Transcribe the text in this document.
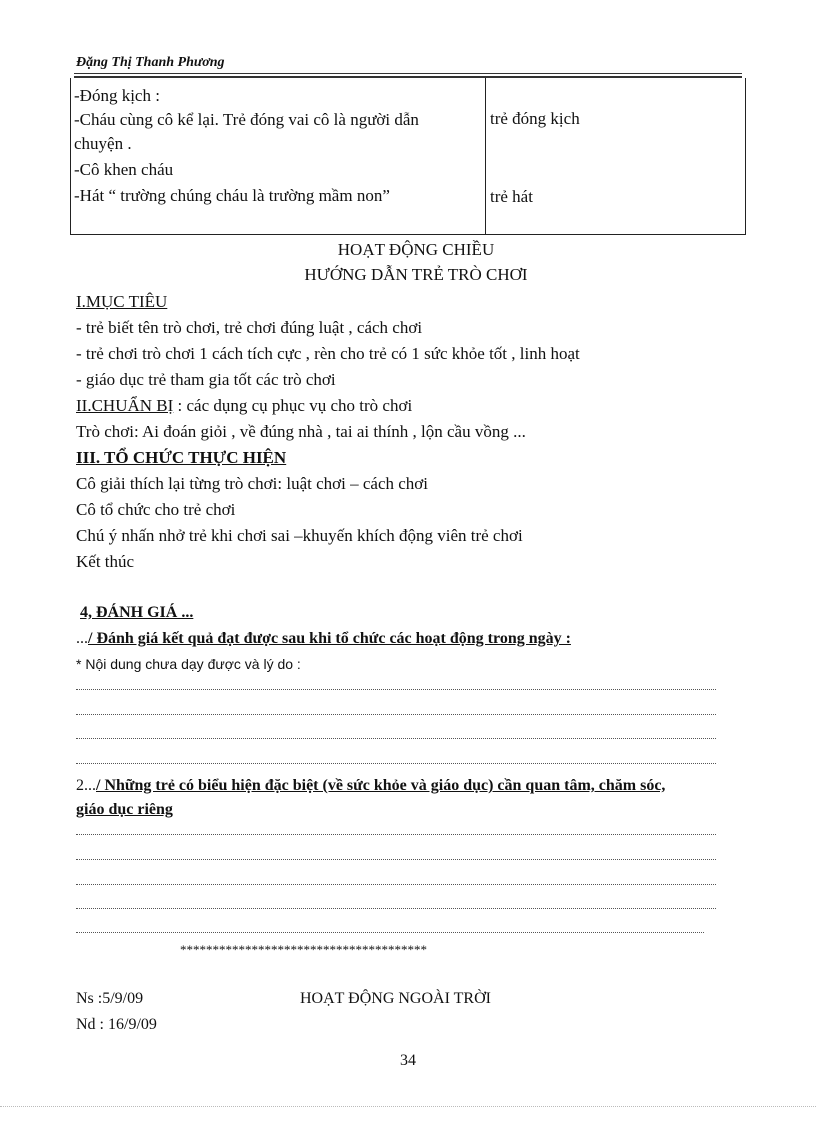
Đặng Thị Thanh Phương
-Đóng kịch :
-Cháu cùng cô kể lại. Trẻ đóng vai cô là người dẫn
chuyện .
-Cô khen cháu
-Hát “ trường chúng cháu là trường mầm non”
trẻ đóng kịch
trẻ hát
HOẠT ĐỘNG CHIỀU
HƯỚNG DẪN TRẺ TRÒ CHƠI
I.MỤC TIÊU
- trẻ biết tên trò chơi, trẻ chơi đúng luật , cách chơi
- trẻ chơi trò chơi 1 cách tích cực , rèn cho trẻ có 1 sức khỏe tốt , linh hoạt
- giáo dục trẻ tham gia tốt các trò chơi
II.CHUẨN BỊ : các dụng cụ phục vụ cho trò chơi
Trò chơi: Ai đoán giỏi , về đúng nhà , tai ai thính , lộn cầu vồng ...
III. TỔ CHỨC THỰC HIỆN
Cô giải thích lại từng trò chơi: luật chơi – cách chơi
Cô tổ chức cho trẻ chơi
Chú ý nhấn nhở trẻ khi chơi sai –khuyến khích động viên trẻ chơi
Kết thúc
4, ĐÁNH GIÁ ...
.../ Đánh giá kết quả đạt được sau khi tổ chức các hoạt động trong ngày :
* Nội dung chưa dạy được và lý do :
2.../ Những trẻ có biểu hiện đặc biệt (về sức khỏe và giáo dục) cần quan tâm, chăm sóc,
giáo dục riêng
**************************************
Ns :5/9/09
Nd : 16/9/09
HOẠT ĐỘNG NGOÀI TRỜI
34
